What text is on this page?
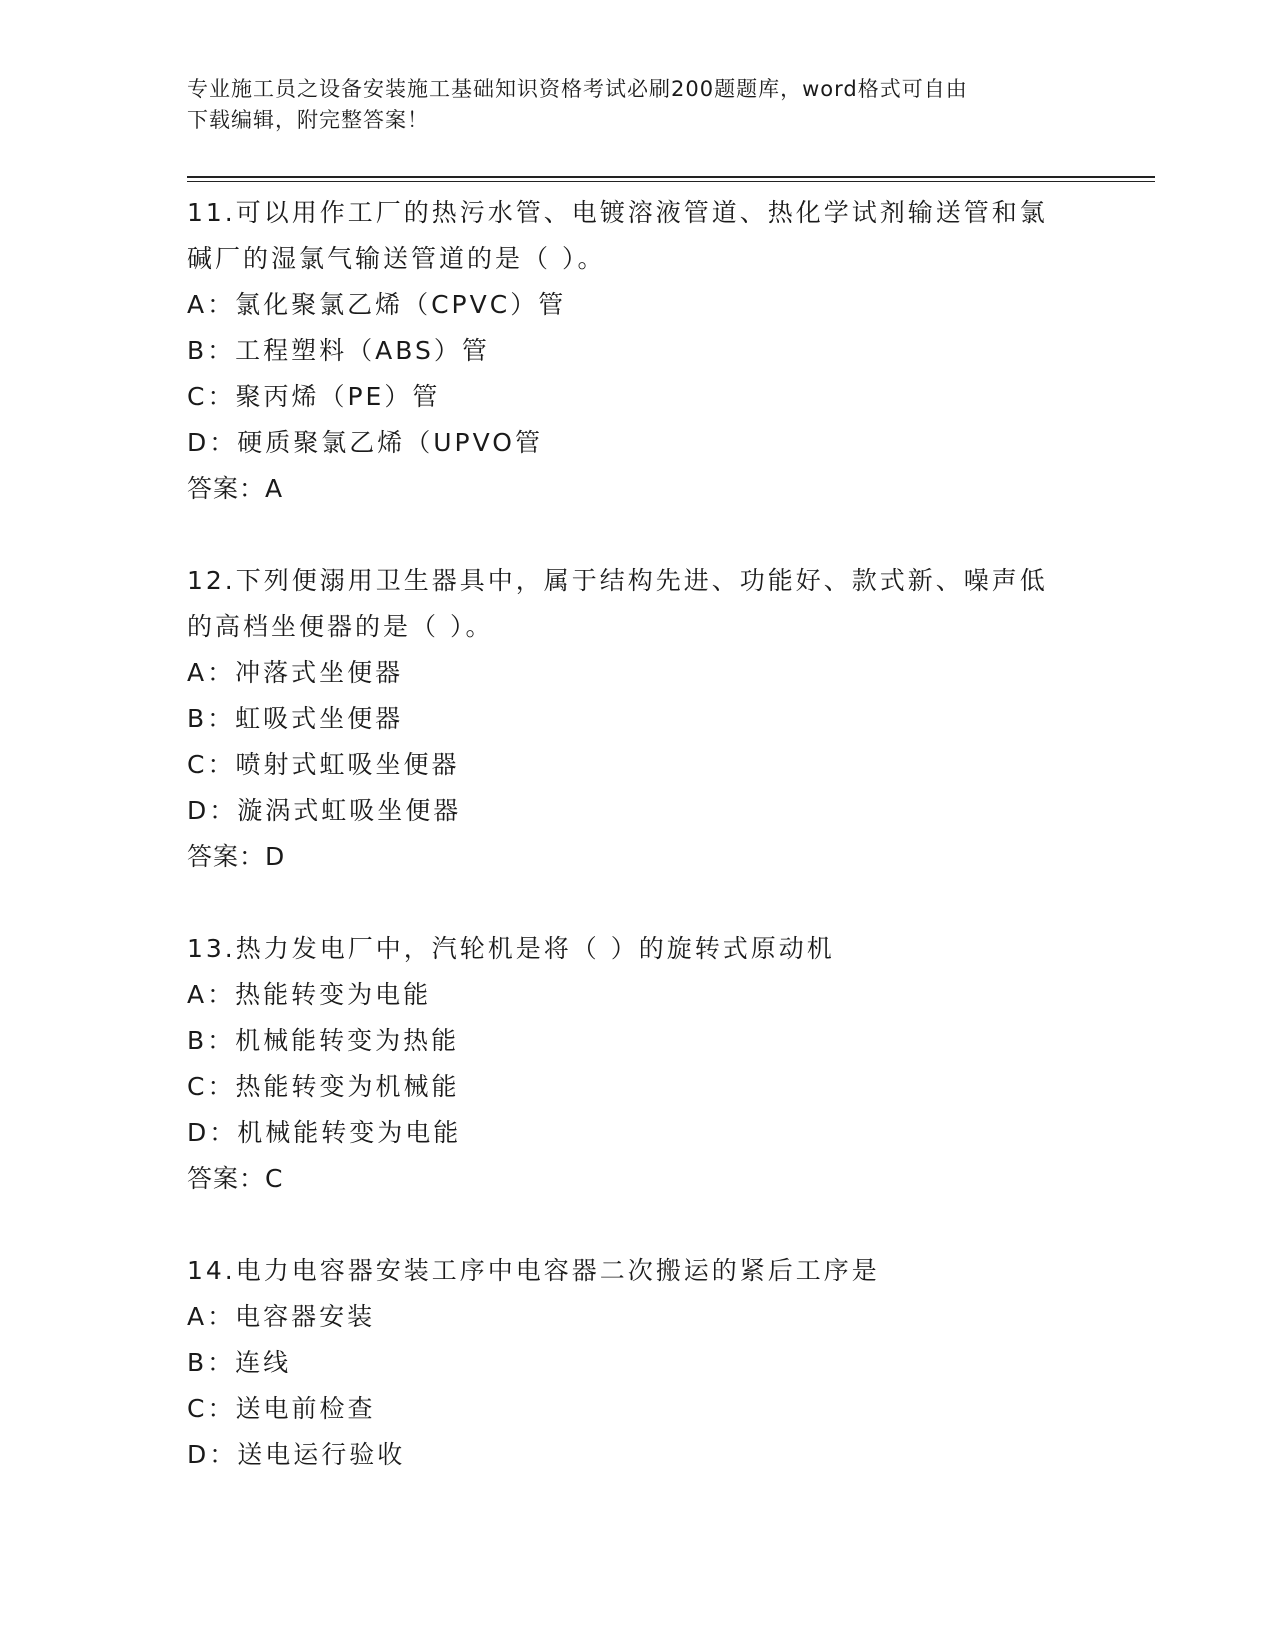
专业施工员之设备安装施工基础知识资格考试必刷200题题库，word格式可自由
下载编辑，附完整答案！
11.可以用作工厂的热污水管、电镀溶液管道、热化学试剂输送管和氯
碱厂的湿氯气输送管道的是（ ）。
A：氯化聚氯乙烯（CPVC）管
B：工程塑料（ABS）管
C：聚丙烯（PE）管
D：硬质聚氯乙烯（UPVO管
答案：A
12.下列便溺用卫生器具中，属于结构先进、功能好、款式新、噪声低
的高档坐便器的是（ ）。
A：冲落式坐便器
B：虹吸式坐便器
C：喷射式虹吸坐便器
D：漩涡式虹吸坐便器
答案：D
13.热力发电厂中，汽轮机是将（ ）的旋转式原动机
A：热能转变为电能
B：机械能转变为热能
C：热能转变为机械能
D：机械能转变为电能
答案：C
14.电力电容器安装工序中电容器二次搬运的紧后工序是
A：电容器安装
B：连线
C：送电前检查
D：送电运行验收
